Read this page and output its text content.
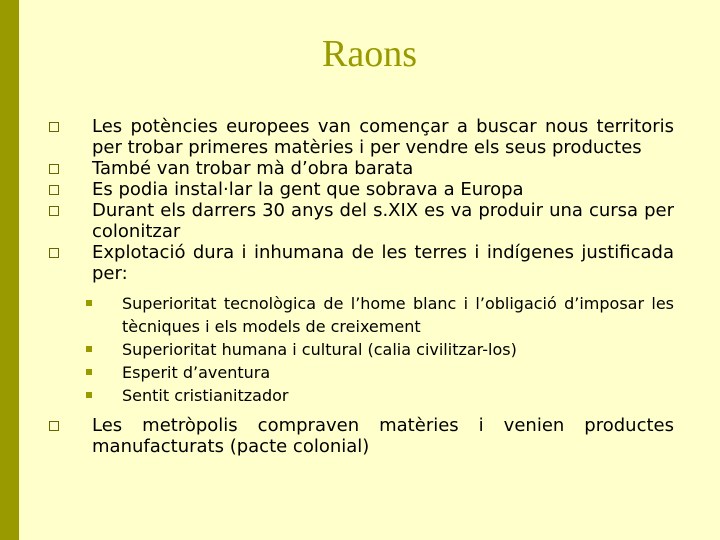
Raons
Les potències europees van començar a buscar nous territoris per trobar primeres matèries i per vendre els seus productes
També van trobar mà d’obra barata
Es podia instal·lar la gent que sobrava a Europa
Durant els darrers 30 anys del s.XIX es va produir una cursa per colonitzar
Explotació dura i inhumana de les terres i indígenes justificada per:
Superioritat tecnològica de l’home blanc i l’obligació d’imposar les tècniques i els models de creixement
Superioritat humana i cultural (calia civilitzar-los)
Esperit d’aventura
Sentit cristianitzador
Les metròpolis compraven matèries i venien productes manufacturats (pacte colonial)
